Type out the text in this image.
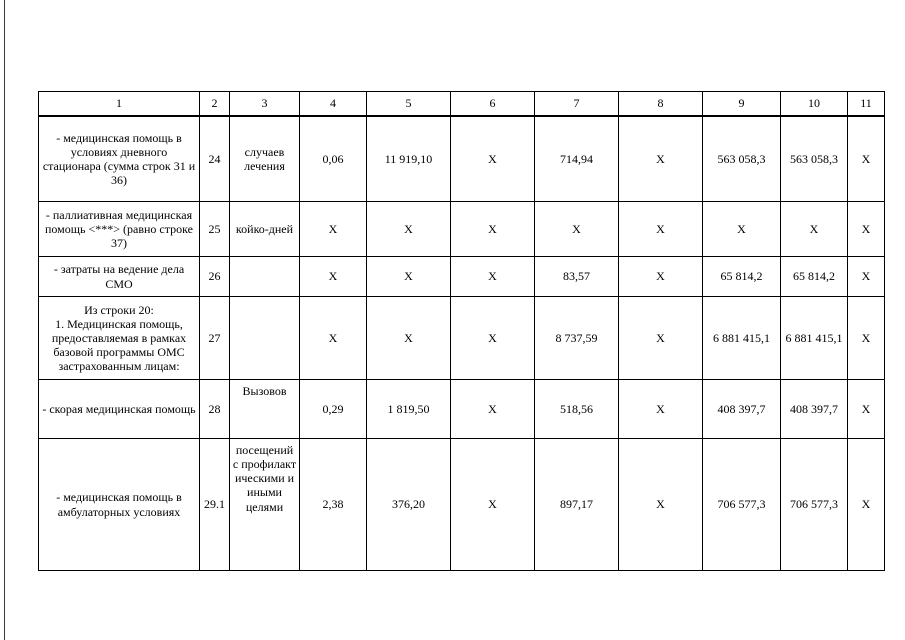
1	2	3	4	5	6	7	8	9	10	11
- медицинская помощь в условиях дневного стационара (сумма строк 31 и 36)	24	случаев лечения	0,06	11 919,10	X	714,94	X	563 058,3	563 058,3	X
- паллиативная медицинская помощь <***> (равно строке 37)	25	койко-дней	X	X	X	X	X	X	X	X
- затраты на ведение дела СМО	26		X	X	X	83,57	X	65 814,2	65 814,2	X
Из строки 20:
1. Медицинская помощь, предоставляемая в рамках базовой программы ОМС застрахованным лицам:	27		X	X	X	8 737,59	X	6 881 415,1	6 881 415,1	X
- скорая медицинская помощь	28	Вызовов	0,29	1 819,50	X	518,56	X	408 397,7	408 397,7	X
- медицинская помощь в амбулаторных условиях	29.1	посещений с профилакт ическими и иными целями	2,38	376,20	X	897,17	X	706 577,3	706 577,3	X
